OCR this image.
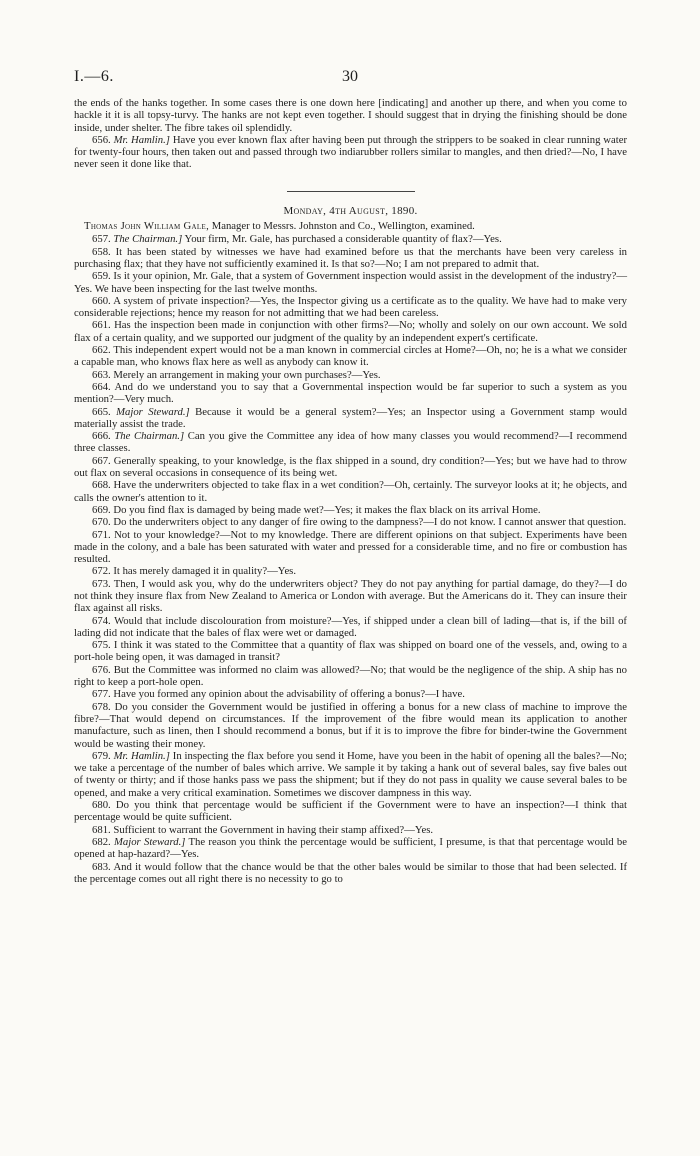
I.—6.	30

the ends of the hanks together. In some cases there is one down here [indicating] and another up there, and when you come to hackle it it is all topsy-turvy. The hanks are not kept even together. I should suggest that in drying the finishing should be done inside, under shelter. The fibre takes oil splendidly.

656. Mr. Hamlin.] Have you ever known flax after having been put through the strippers to be soaked in clear running water for twenty-four hours, then taken out and passed through two indiarubber rollers similar to mangles, and then dried?—No, I have never seen it done like that.

Monday, 4th August, 1890.
Thomas John William Gale, Manager to Messrs. Johnston and Co., Wellington, examined.

657. The Chairman.] Your firm, Mr. Gale, has purchased a considerable quantity of flax?—Yes.

658. It has been stated by witnesses we have had examined before us that the merchants have been very careless in purchasing flax; that they have not sufficiently examined it. Is that so?—No; I am not prepared to admit that.

659. Is it your opinion, Mr. Gale, that a system of Government inspection would assist in the development of the industry?—Yes. We have been inspecting for the last twelve months.

660. A system of private inspection?—Yes, the Inspector giving us a certificate as to the quality. We have had to make very considerable rejections; hence my reason for not admitting that we had been careless.

661. Has the inspection been made in conjunction with other firms?—No; wholly and solely on our own account. We sold flax of a certain quality, and we supported our judgment of the quality by an independent expert's certificate.

662. This independent expert would not be a man known in commercial circles at Home?—Oh, no; he is a what we consider a capable man, who knows flax here as well as anybody can know it.

663. Merely an arrangement in making your own purchases?—Yes.

664. And do we understand you to say that a Governmental inspection would be far superior to such a system as you mention?—Very much.

665. Major Steward.] Because it would be a general system?—Yes; an Inspector using a Government stamp would materially assist the trade.

666. The Chairman.] Can you give the Committee any idea of how many classes you would recommend?—I recommend three classes.

667. Generally speaking, to your knowledge, is the flax shipped in a sound, dry condition?—Yes; but we have had to throw out flax on several occasions in consequence of its being wet.

668. Have the underwriters objected to take flax in a wet condition?—Oh, certainly. The surveyor looks at it; he objects, and calls the owner's attention to it.

669. Do you find flax is damaged by being made wet?—Yes; it makes the flax black on its arrival Home.

670. Do the underwriters object to any danger of fire owing to the dampness?—I do not know. I cannot answer that question.

671. Not to your knowledge?—Not to my knowledge. There are different opinions on that subject. Experiments have been made in the colony, and a bale has been saturated with water and pressed for a considerable time, and no fire or combustion has resulted.

672. It has merely damaged it in quality?—Yes.

673. Then, I would ask you, why do the underwriters object? They do not pay anything for partial damage, do they?—I do not think they insure flax from New Zealand to America or London with average. But the Americans do it. They can insure their flax against all risks.

674. Would that include discolouration from moisture?—Yes, if shipped under a clean bill of lading—that is, if the bill of lading did not indicate that the bales of flax were wet or damaged.

675. I think it was stated to the Committee that a quantity of flax was shipped on board one of the vessels, and, owing to a port-hole being open, it was damaged in transit?

676. But the Committee was informed no claim was allowed?—No; that would be the negligence of the ship. A ship has no right to keep a port-hole open.

677. Have you formed any opinion about the advisability of offering a bonus?—I have.

678. Do you consider the Government would be justified in offering a bonus for a new class of machine to improve the fibre?—That would depend on circumstances. If the improvement of the fibre would mean its application to another manufacture, such as linen, then I should recommend a bonus, but if it is to improve the fibre for binder-twine the Government would be wasting their money.

679. Mr. Hamlin.] In inspecting the flax before you send it Home, have you been in the habit of opening all the bales?—No; we take a percentage of the number of bales which arrive. We sample it by taking a hank out of several bales, say five bales out of twenty or thirty; and if those hanks pass we pass the shipment; but if they do not pass in quality we cause several bales to be opened, and make a very critical examination. Sometimes we discover dampness in this way.

680. Do you think that percentage would be sufficient if the Government were to have an inspection?—I think that percentage would be quite sufficient.

681. Sufficient to warrant the Government in having their stamp affixed?—Yes.

682. Major Steward.] The reason you think the percentage would be sufficient, I presume, is that that percentage would be opened at hap-hazard?—Yes.

683. And it would follow that the chance would be that the other bales would be similar to those that had been selected. If the percentage comes out all right there is no necessity to go to
